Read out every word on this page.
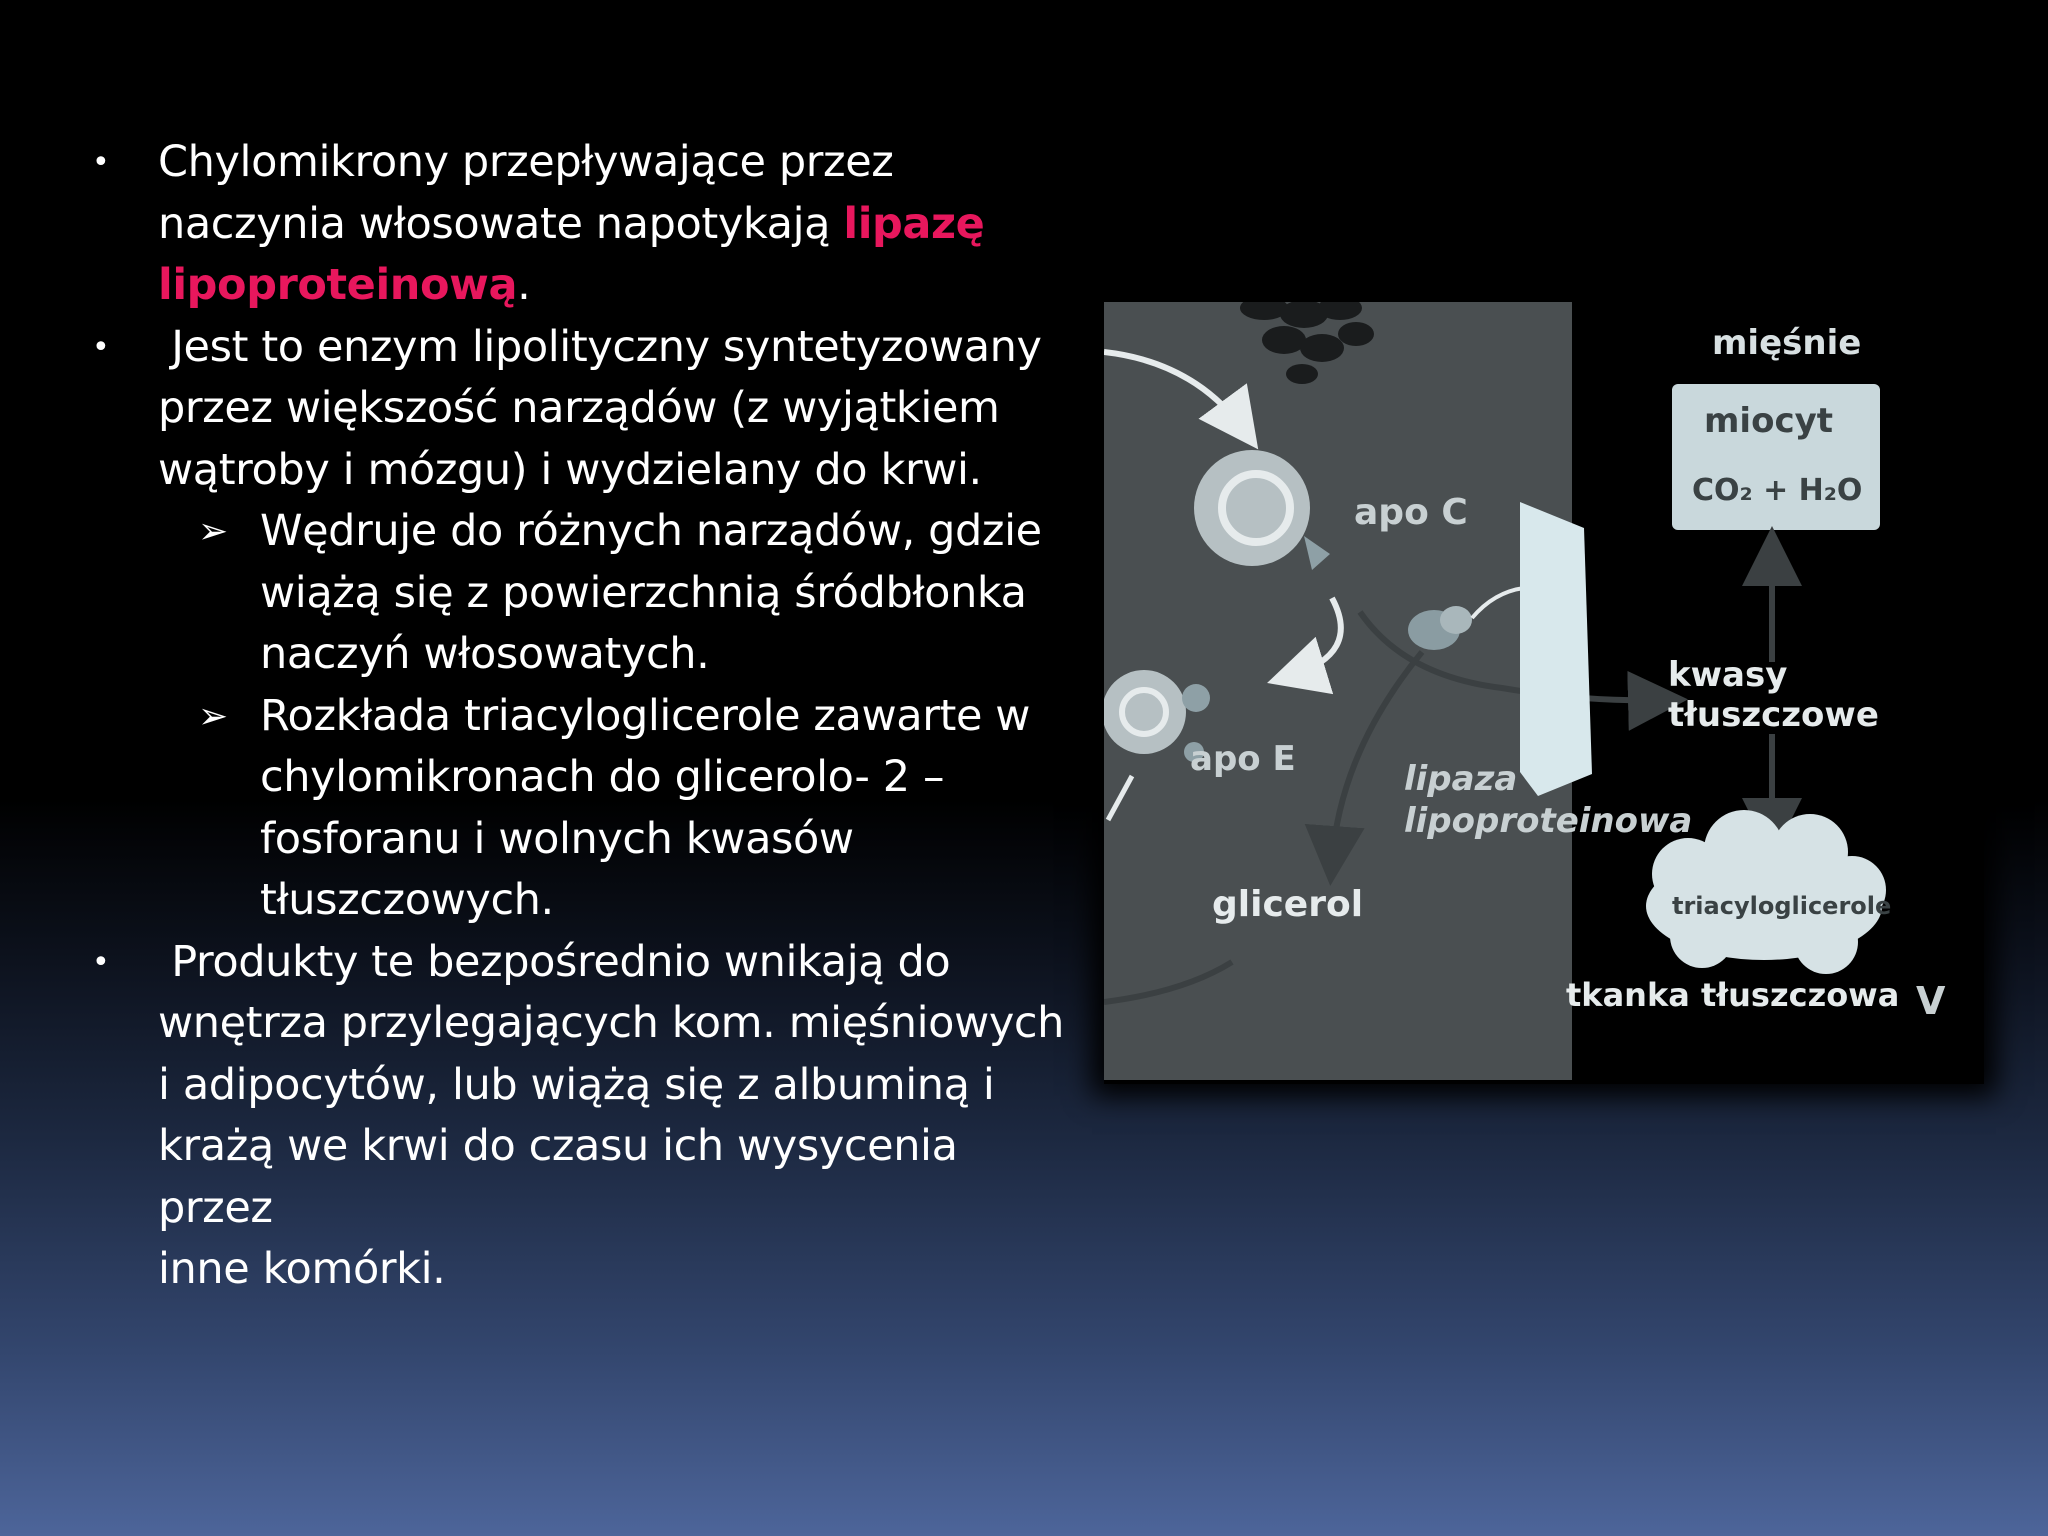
• Chylomikrony przepływające przez
naczynia włosowate napotykają lipazę
lipoproteinową.
• Jest to enzym lipolityczny syntetyzowany
przez większość narządów (z wyjątkiem
wątroby i mózgu) i wydzielany do krwi.
➢ Wędruje do różnych narządów, gdzie
wiążą się z powierzchnią śródbłonka
naczyń włosowatych.
➢ Rozkłada triacyloglicerole zawarte w
chylomikronach do glicerolo- 2 –
fosforanu i wolnych kwasów
tłuszczowych.
• Produkty te bezpośrednio wnikają do
wnętrza przylegających kom. mięśniowych
i adipocytów, lub wiążą się z albuminą i
krażą we krwi do czasu ich wysycenia przez
inne komórki.
apo C
apo E	lipaza
lipoproteinowa
glicerol
mięśnie
miocyt
CO₂ + H₂O
kwasy
tłuszczowe
triacyloglicerole
tkanka tłuszczowa V
